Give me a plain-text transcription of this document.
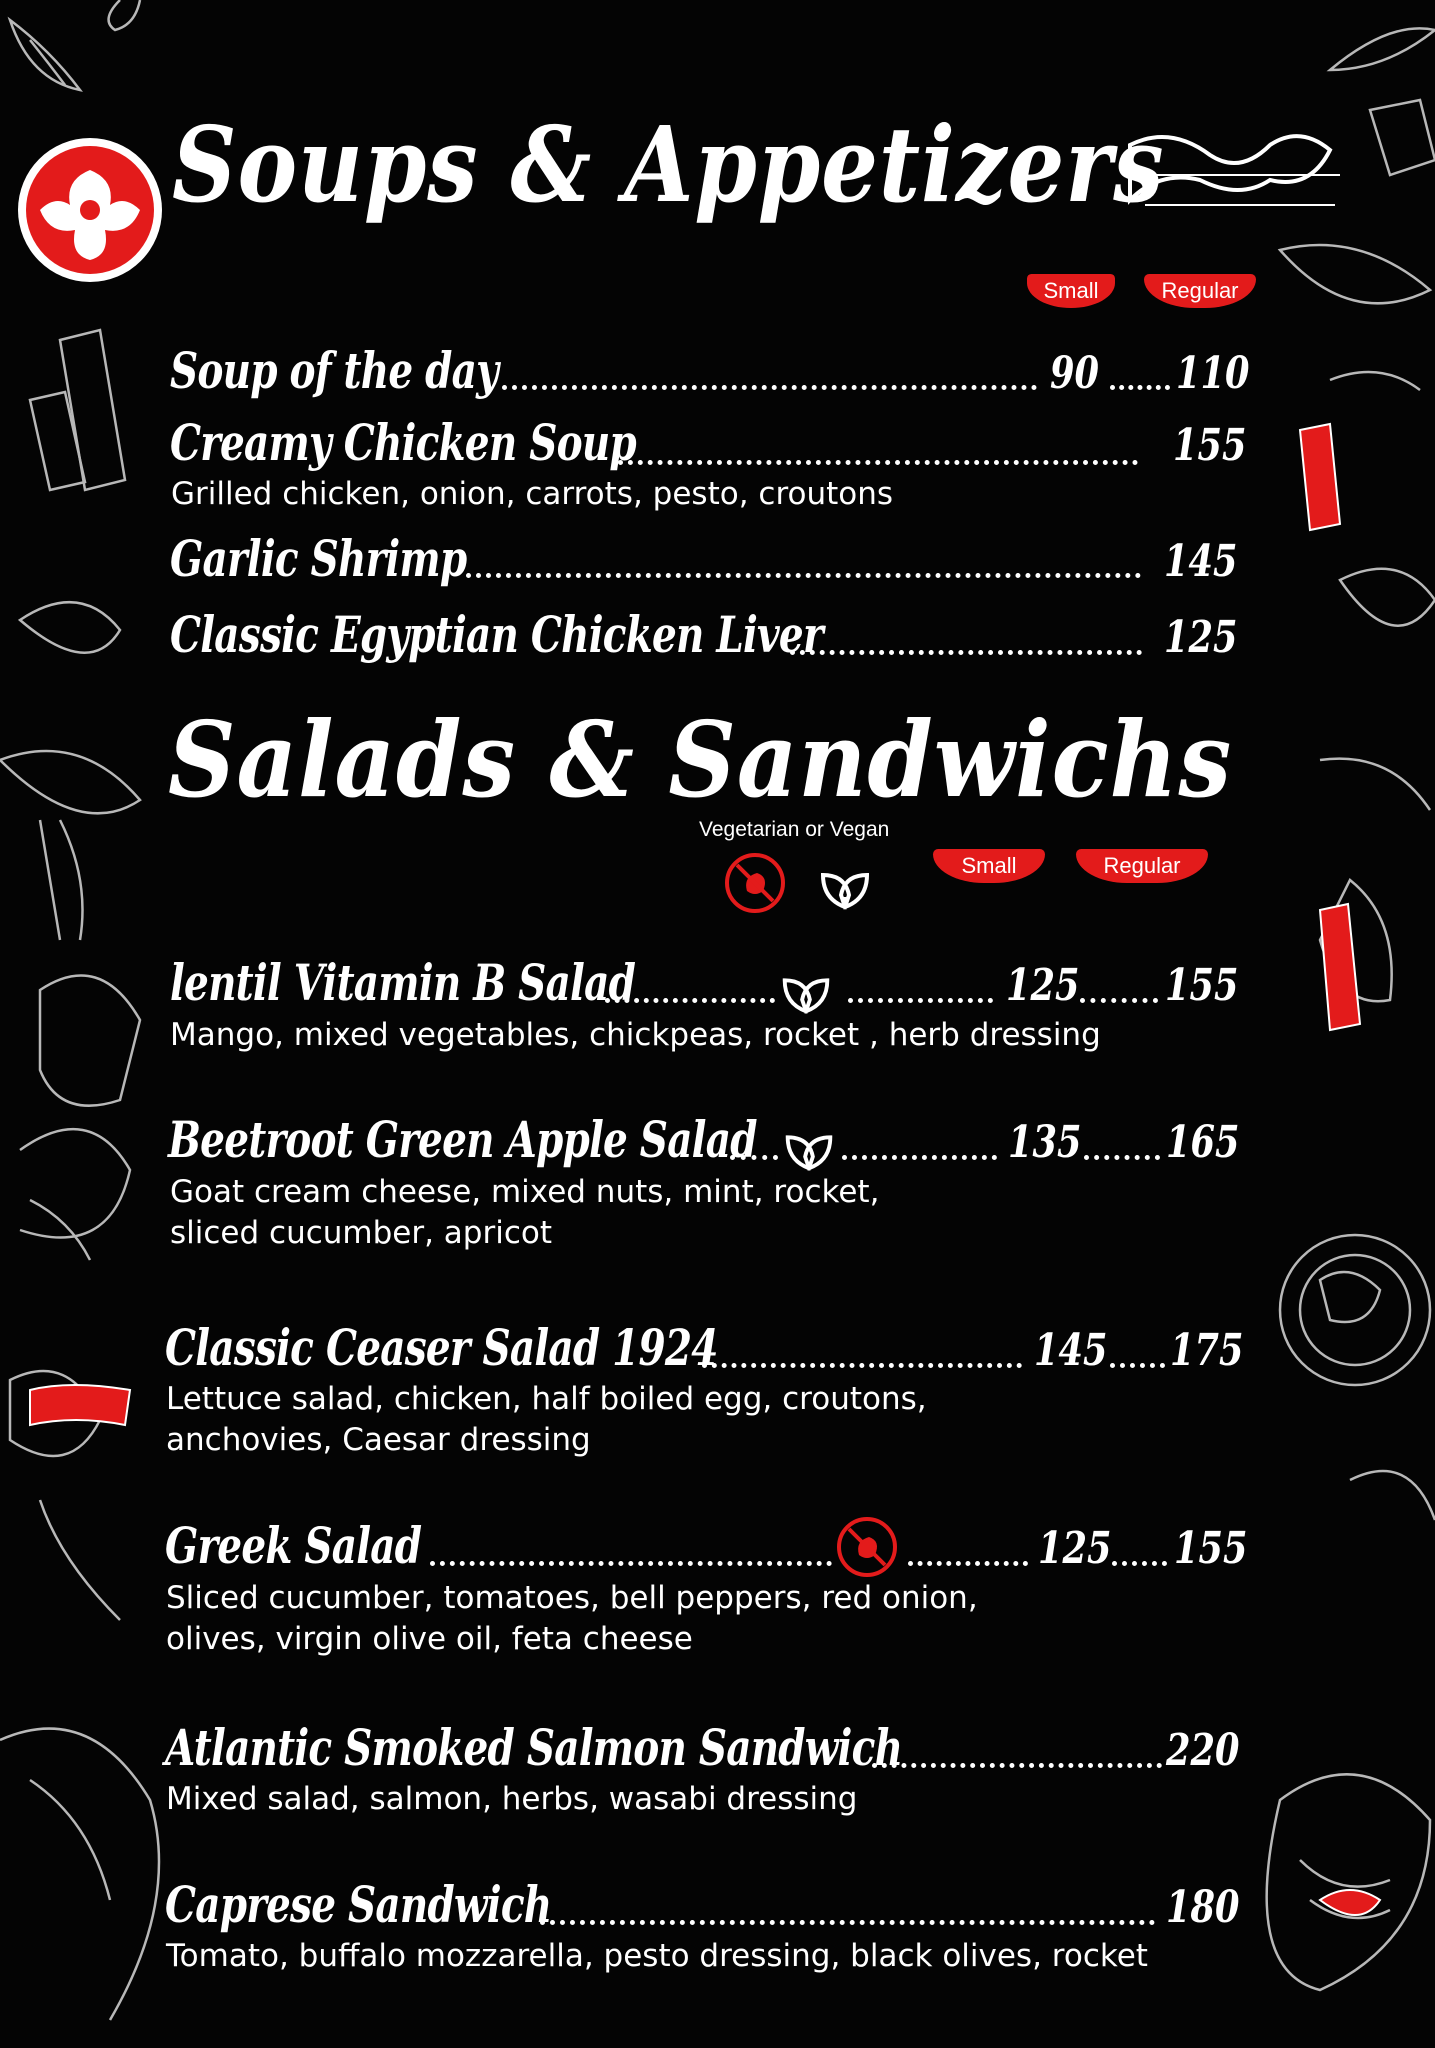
Soups & Appetizers
Small	Regular
Soup of the day	90 110
Creamy Chicken Soup	155
Grilled chicken, onion, carrots, pesto, croutons
Garlic Shrimp	145
Classic Egyptian Chicken Liver	125
Salads & Sandwichs
Vegetarian or Vegan
Small	Regular
lentil Vitamin B Salad	125 155
Mango, mixed vegetables, chickpeas, rocket , herb dressing
Beetroot Green Apple Salad	135 165
Goat cream cheese, mixed nuts, mint, rocket,
sliced cucumber, apricot
Classic Ceaser Salad 1924	145 175
Lettuce salad, chicken, half boiled egg, croutons,
anchovies, Caesar dressing
Greek Salad	125 155
Sliced cucumber, tomatoes, bell peppers, red onion,
olives, virgin olive oil, feta cheese
Atlantic Smoked Salmon Sandwich	220
Mixed salad, salmon, herbs, wasabi dressing
Caprese Sandwich	180
Tomato, buffalo mozzarella, pesto dressing, black olives, rocket
